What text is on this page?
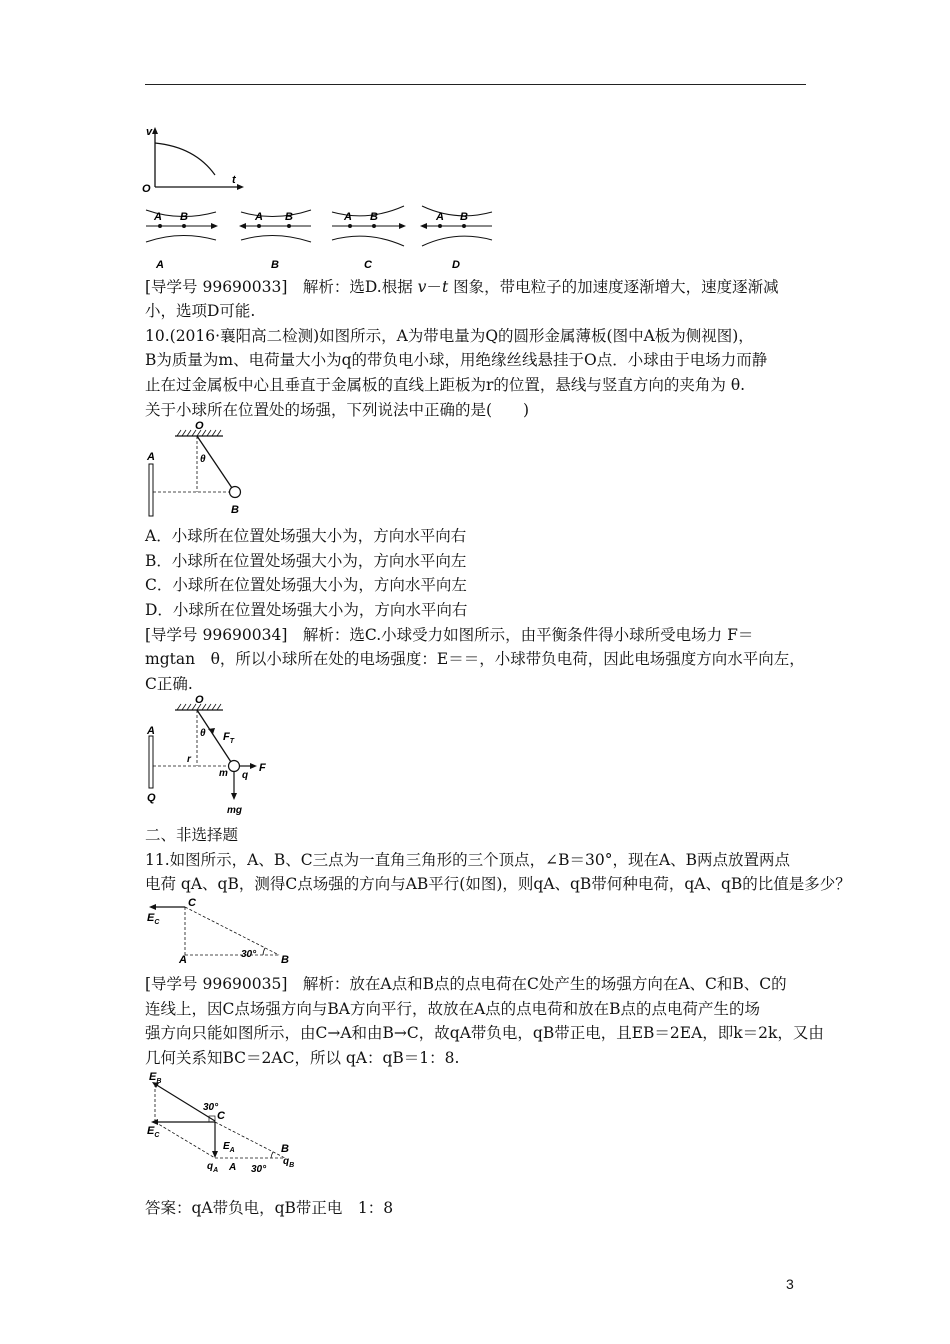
v
t
O
A B
A
A B
B
A B
C
A B
D
[导学号 99690033]　解析：选D.根据 v－t 图象，带电粒子的加速度逐渐增大，速度逐渐减
小，选项D可能.
10.(2016·襄阳高二检测)如图所示，A为带电量为Q的圆形金属薄板(图中A板为侧视图)，
B为质量为m、电荷量大小为q的带负电小球，用绝缘丝线悬挂于O点．小球由于电场力而静
止在过金属板中心且垂直于金属板的直线上距板为r的位置，悬线与竖直方向的夹角为 θ.
关于小球所在位置处的场强，下列说法中正确的是(　　)
O
A
B
θ
A．小球所在位置处场强大小为，方向水平向右
B．小球所在位置处场强大小为，方向水平向左
C．小球所在位置处场强大小为，方向水平向左
D．小球所在位置处场强大小为，方向水平向右
[导学号 99690034]　解析：选C.小球受力如图所示，由平衡条件得小球所受电场力 F＝
mgtan　θ，所以小球所在处的电场强度：E＝＝，小球带负电荷，因此电场强度方向水平向左，
C正确.
O
A
Q
θ $F_T$
r
m q
F
mg
二、非选择题
11.如图所示，A、B、C三点为一直角三角形的三个顶点，∠B＝30°，现在A、B两点放置两点
电荷 qA、qB，测得C点场强的方向与AB平行(如图)，则qA、qB带何种电荷，qA、qB的比值是多少？
C
$E_C$
A	B
30°
[导学号 99690035]　解析：放在A点和B点的点电荷在C处产生的场强方向在A、C和B、C的
连线上，因C点场强方向与BA方向平行，故放在A点的点电荷和放在B点的点电荷产生的场
强方向只能如图所示，由C→A和由B→C，故qA带负电，qB带正电，且EB＝2EA，即k＝2k，又由
几何关系知BC＝2AC，所以 qA：qB＝1：8.
$E_B$
30°
C
$E_C$
$E_A$	B
$q_A$ A 30°
$q_B$
答案：qA带负电，qB带正电　1：8
3
